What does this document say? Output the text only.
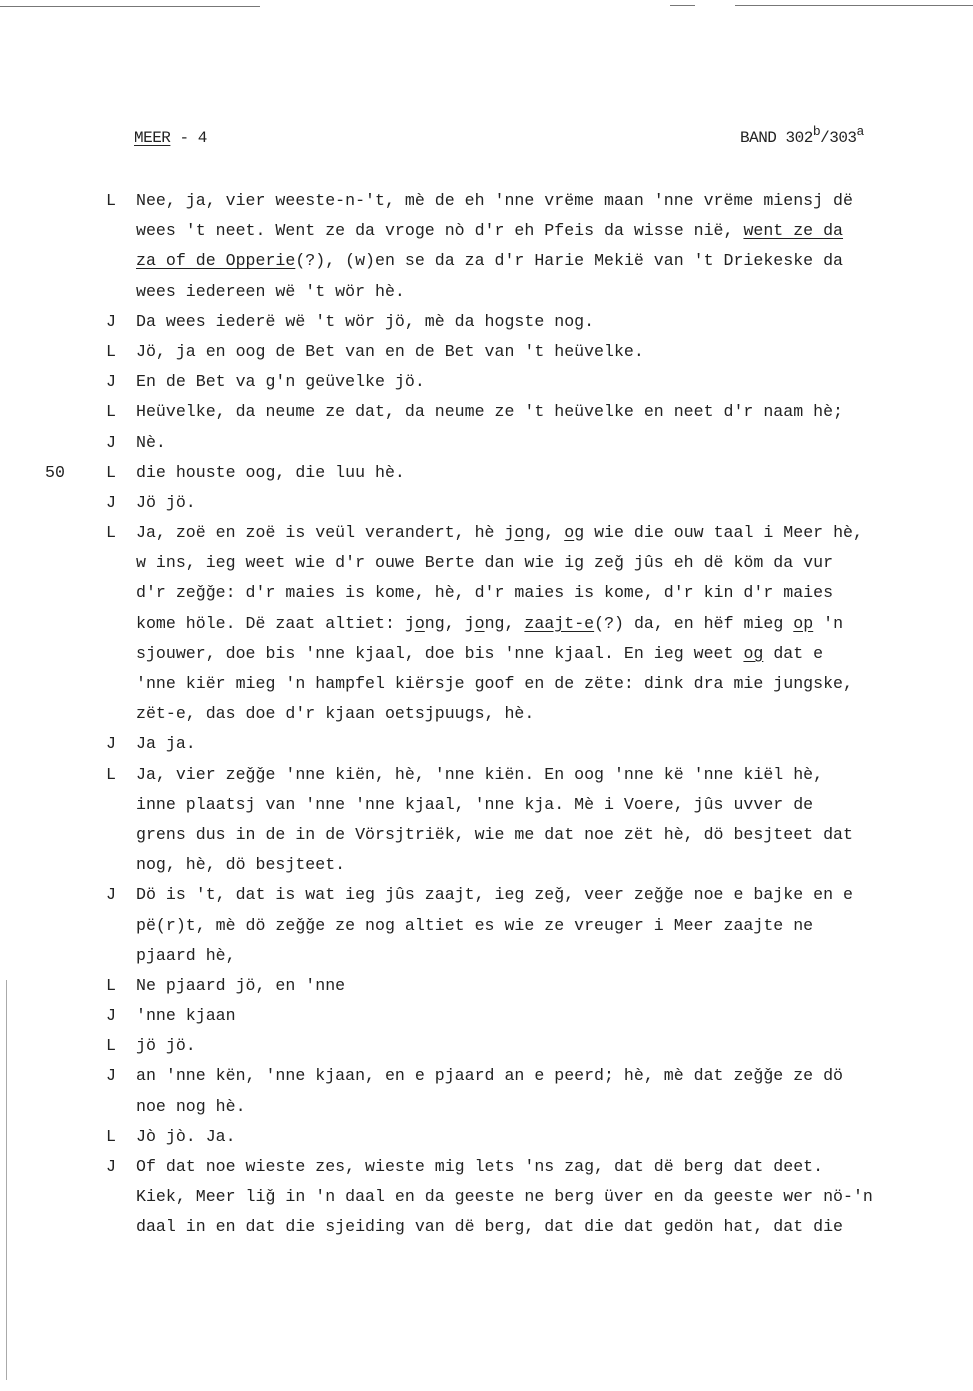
MEER - 4	BAND 302$^b$/303$^a$
L Nee, ja, vier weeste-n-'t, mè de eh 'nne vrëme maan 'nne vrëme miensj dë
wees 't neet. Went ze da vroge nò d'r eh Pfeis da wisse nië, went ze da
za of de Opperie(?), (w)en se da za d'r Harie Mekië van 't Driekeske da
wees iedereen wë 't wör hè.
J Da wees iederë wë 't wör jö, mè da hogste nog.
L Jö, ja en oog de Bet van en de Bet van 't heüvelke.
J En de Bet va g'n geüvelke jö.
L Heüvelke, da neume ze dat, da neume ze 't heüvelke en neet d'r naam hè;
J Nè.
50 L die houste oog, die luu hè.
J Jö jö.
L Ja, zoë en zoë is veül verandert, hè jong, og wie die ouw taal i Meer hè,
w ins, ieg weet wie d'r ouwe Berte dan wie ig zeǧ jûs eh dë köm da vur
d'r zeǧǧe: d'r maies is kome, hè, d'r maies is kome, d'r kin d'r maies
kome höle. Dë zaat altiet: jong, jong, zaajt-e(?) da, en hëf mieg op 'n
sjouwer, doe bis 'nne kjaal, doe bis 'nne kjaal. En ieg weet og dat e
'nne kiër mieg 'n hampfel kiërsje goof en de zëte: dink dra mie jungske,
zët-e, das doe d'r kjaan oetsjpuugs, hè.
J Ja ja.
L Ja, vier zeǧǧe 'nne kiën, hè, 'nne kiën. En oog 'nne kë 'nne kiël hè,
inne plaatsj van 'nne 'nne kjaal, 'nne kja. Mè i Voere, jûs uvver de
grens dus in de in de Vörsjtriëk, wie me dat noe zët hè, dö besjteet dat
nog, hè, dö besjteet.
J Dö is 't, dat is wat ieg jûs zaajt, ieg zeǧ, veer zeǧǧe noe e bajke en e
pë(r)t, mè dö zeǧǧe ze nog altiet es wie ze vreuger i Meer zaajte ne
pjaard hè,
L Ne pjaard jö, en 'nne
J 'nne kjaan
L jö jö.
J an 'nne kën, 'nne kjaan, en e pjaard an e peerd; hè, mè dat zeǧǧe ze dö
noe nog hè.
L Jò jò. Ja.
J Of dat noe wieste zes, wieste mig lets 'ns zag, dat dë berg dat deet.
Kiek, Meer liǧ in 'n daal en da geeste ne berg üver en da geeste wer nö-'n
daal in en dat die sjeiding van dë berg, dat die dat gedön hat, dat die
